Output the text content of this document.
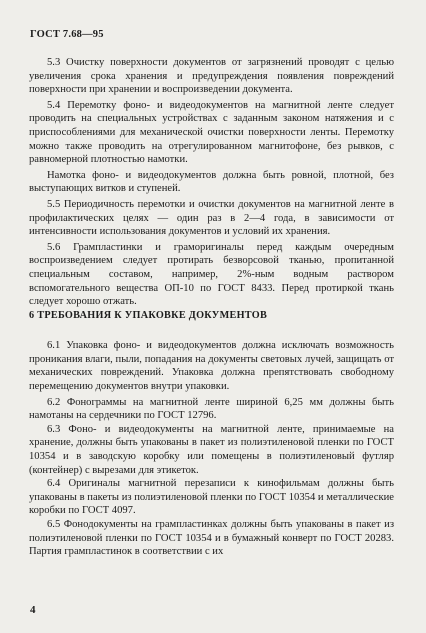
ГОСТ 7.68—95

5.3 Очистку поверхности документов от загрязнений проводят с целью увеличения срока хранения и предупреждения появления повреждений поверхности при хранении и воспроизведении документа.

5.4 Перемотку фоно- и видеодокументов на магнитной ленте следует проводить на специальных устройствах с заданным законом натяжения и с приспособлениями для механической очистки поверхности ленты. Перемотку можно также проводить на отрегулированном магнитофоне, без рывков, с равномерной плотностью намотки.

Намотка фоно- и видеодокументов должна быть ровной, плотной, без выступающих витков и ступеней.

5.5 Периодичность перемотки и очистки документов на магнитной ленте в профилактических целях — один раз в 2—4 года, в зависимости от интенсивности использования документов и условий их хранения.

5.6 Грампластинки и граморигиналы перед каждым очередным воспроизведением следует протирать безворсовой тканью, пропитанной специальным составом, например, 2%-ным водным раствором вспомогательного вещества ОП-10 по ГОСТ 8433. Перед протиркой ткань следует хорошо отжать.

6 ТРЕБОВАНИЯ К УПАКОВКЕ ДОКУМЕНТОВ

6.1 Упаковка фоно- и видеодокументов должна исключать возможность проникания влаги, пыли, попадания на документы световых лучей, защищать от механических повреждений. Упаковка должна препятствовать свободному перемещению документов внутри упаковки.

6.2 Фонограммы на магнитной ленте шириной 6,25 мм должны быть намотаны на сердечники по ГОСТ 12796.

6.3 Фоно- и видеодокументы на магнитной ленте, принимаемые на хранение, должны быть упакованы в пакет из полиэтиленовой пленки по ГОСТ 10354 и в заводскую коробку или помещены в полиэтиленовый футляр (контейнер) с вырезами для этикеток.

6.4 Оригиналы магнитной перезаписи к кинофильмам должны быть упакованы в пакеты из полиэтиленовой пленки по ГОСТ 10354 и металлические коробки по ГОСТ 4097.

6.5 Фонодокументы на грампластинках должны быть упакованы в пакет из полиэтиленовой пленки по ГОСТ 10354 и в бумажный конверт по ГОСТ 20283. Партия грампластинок в соответствии с их

4
